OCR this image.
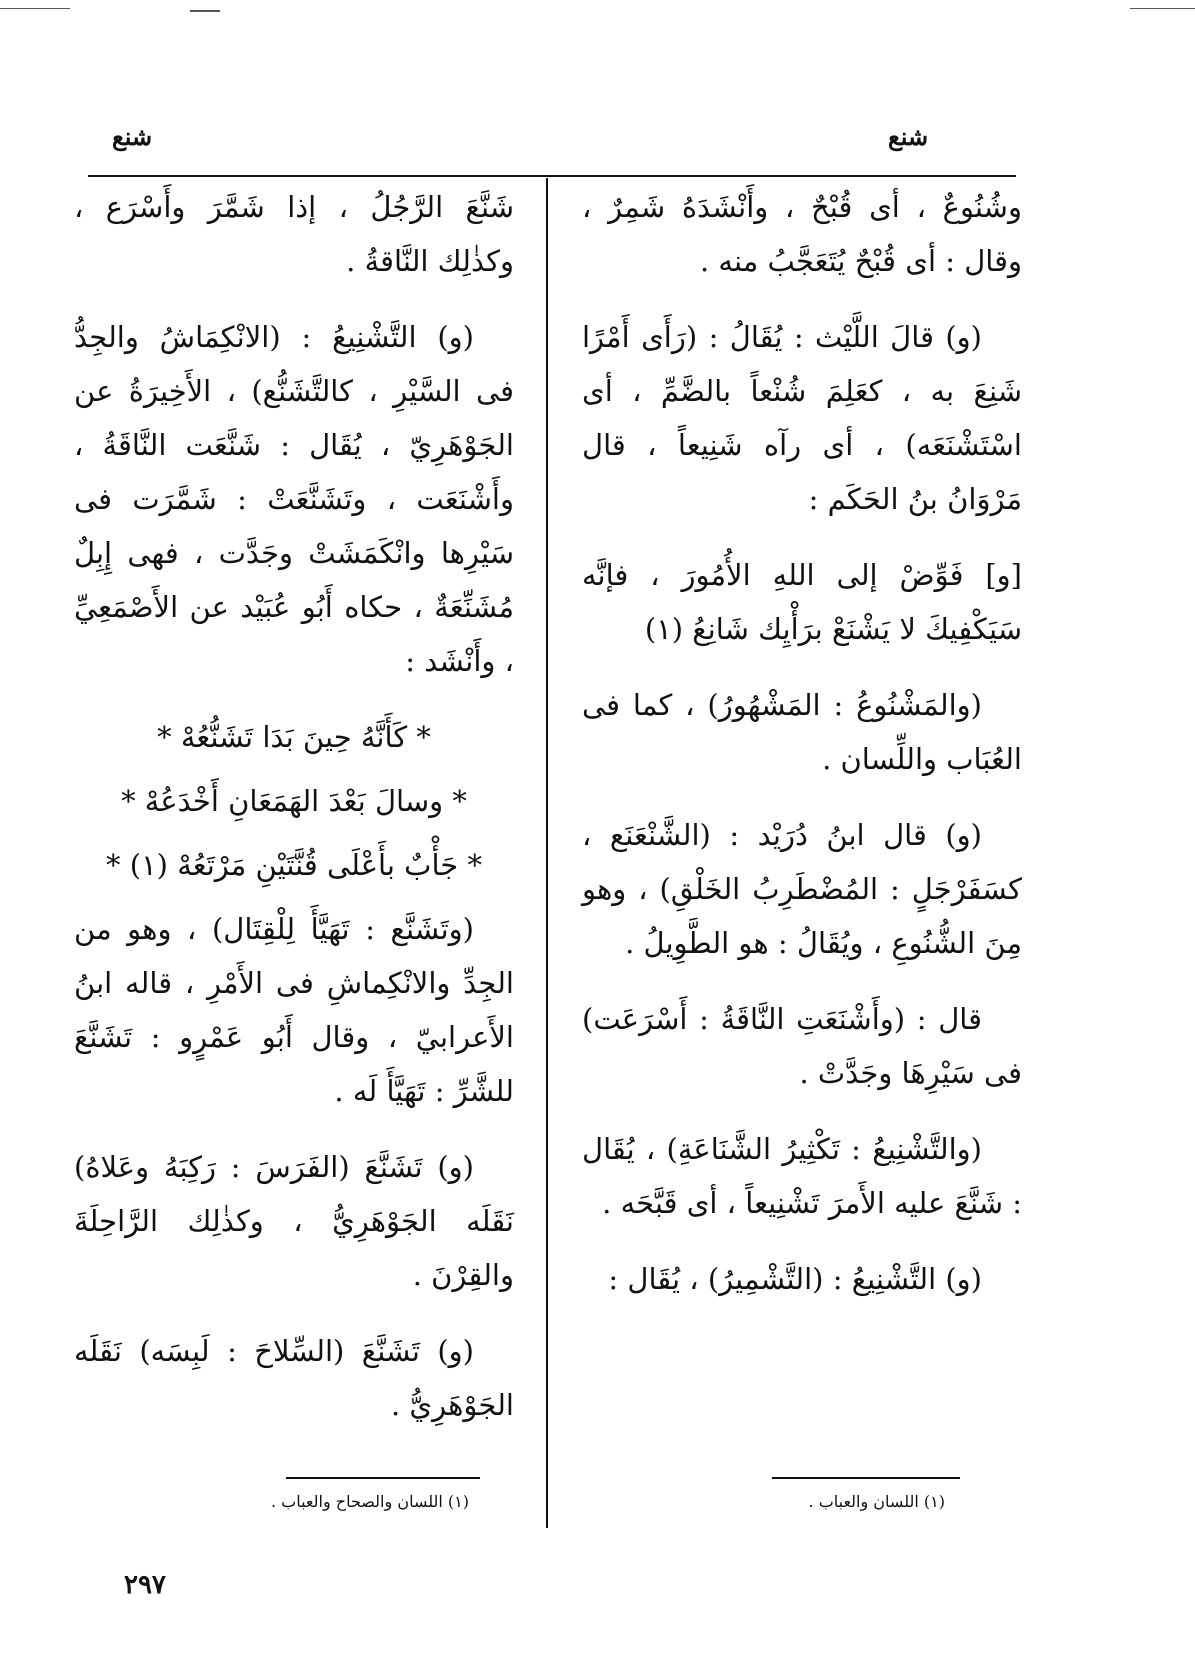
شنع
شنع

وشُنُوعٌ ، أى قُبْحٌ ، وأَنْشَدَهُ شَمِرٌ ، وقال : أى قُبْحٌ يُتَعَجَّبُ منه .

(و) قالَ اللَّيْث : يُقَالُ : (رَأَى أَمْرًا شَنِعَ به ، كعَلِمَ شُنْعاً بالضَّمِّ ، أى اسْتَشْنَعَه) ، أى رآه شَنِيعاً ، قال مَرْوَانُ بنُ الحَكَم :

[و] فَوِّضْ إلى اللهِ الأُمُورَ ، فإنَّه سَيَكْفِيكَ لا يَشْنَعْ برَأْيِك شَانِعُ (١)

(والمَشْنُوعُ : المَشْهُورُ) ، كما فى العُبَاب واللِّسان .

(و) قال ابنُ دُرَيْد : (الشَّنْعَنَع ، كسَفَرْجَلٍ : المُضْطَرِبُ الخَلْقِ) ، وهو مِنَ الشُّنُوعِ ، ويُقَالُ : هو الطَّوِيلُ .

قال : (وأَشْنَعَتِ النَّاقَةُ : أَسْرَعَت) فى سَيْرِهَا وجَدَّتْ .

(والتَّشْنِيعُ : تَكْثِيرُ الشَّنَاعَةِ) ، يُقَال : شَنَّعَ عليه الأَمرَ تَشْنِيعاً ، أى قَبَّحَه .

(و) التَّشْنِيعُ : (التَّشْمِيرُ) ، يُقَال :

شَنَّعَ الرَّجُلُ ، إذا شَمَّرَ وأَسْرَع ، وكذٰلِك النَّاقةُ .

(و) التَّشْنِيعُ : (الانْكِمَاشُ والجِدُّ فى السَّيْرِ ، كالتَّشَنُّع) ، الأَخِيرَةُ عن الجَوْهَرِيّ ، يُقَال : شَنَّعَت النَّاقَةُ ، وأَشْنَعَت ، وتَشَنَّعَتْ : شَمَّرَت فى سَيْرِها وانْكَمَشَتْ وجَدَّت ، فهى إِبِلٌ مُشَنِّعَةٌ ، حكاه أَبُو عُبَيْد عن الأَصْمَعِيِّ ، وأَنْشَد :

* كَأَنَّهُ حِينَ بَدَا تَشَنُّعُهْ *
* وسالَ بَعْدَ الهَمَعَانِ أَخْدَعُهْ *
* جَأْبٌ بأَعْلَى قُنَّتَيْنِ مَرْتَعُهْ (١) *

(وتَشَنَّع : تَهَيَّأَ لِلْقِتَال) ، وهو من الجِدِّ والانْكِماشِ فى الأَمْرِ ، قاله ابنُ الأَعرابيّ ، وقال أَبُو عَمْرٍو : تَشَنَّعَ للشَّرِّ : تَهَيَّأَ لَه .

(و) تَشَنَّعَ (الفَرَسَ : رَكِبَهُ وعَلاهُ) نَقَلَه الجَوْهَرِيُّ ، وكذٰلِك الرَّاحِلَةَ والقِرْنَ .

(و) تَشَنَّعَ (السِّلاحَ : لَبِسَه) نَقَلَه الجَوْهَرِيُّ .

(١) اللسان والعباب .
(١) اللسان والصحاح والعباب .
٢٩٧
